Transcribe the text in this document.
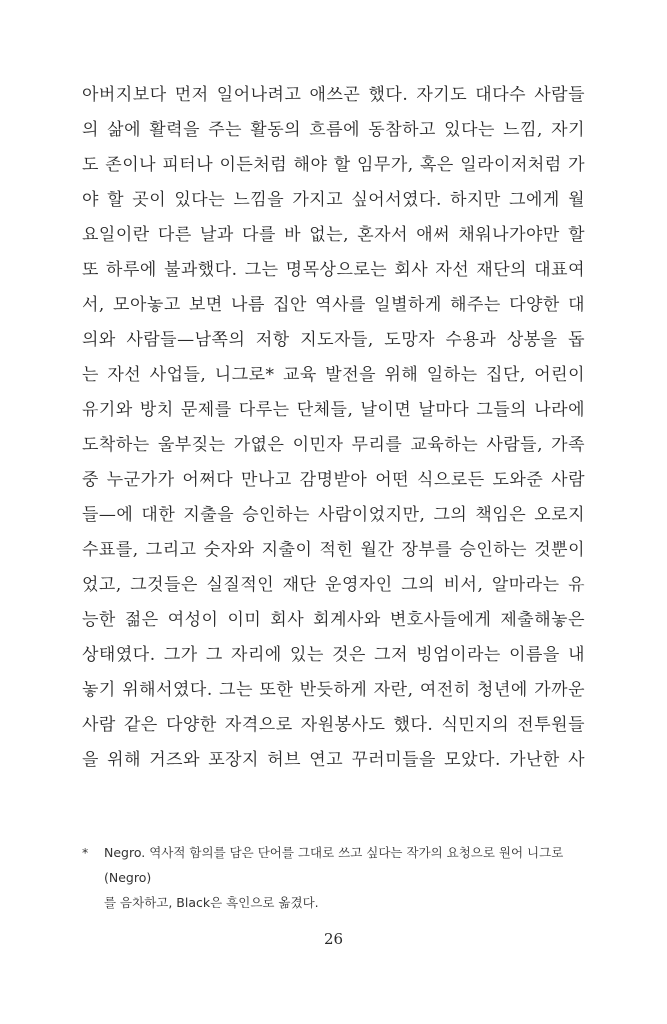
아버지보다 먼저 일어나려고 애쓰곤 했다. 자기도 대다수 사람들
의 삶에 활력을 주는 활동의 흐름에 동참하고 있다는 느낌, 자기
도 존이나 피터나 이든처럼 해야 할 임무가, 혹은 일라이저처럼 가
야 할 곳이 있다는 느낌을 가지고 싶어서였다. 하지만 그에게 월
요일이란 다른 날과 다를 바 없는, 혼자서 애써 채워나가야만 할
또 하루에 불과했다. 그는 명목상으로는 회사 자선 재단의 대표여
서, 모아놓고 보면 나름 집안 역사를 일별하게 해주는 다양한 대
의와 사람들—남쪽의 저항 지도자들, 도망자 수용과 상봉을 돕
는 자선 사업들, 니그로* 교육 발전을 위해 일하는 집단, 어린이
유기와 방치 문제를 다루는 단체들, 날이면 날마다 그들의 나라에
도착하는 울부짖는 가엾은 이민자 무리를 교육하는 사람들, 가족
중 누군가가 어쩌다 만나고 감명받아 어떤 식으로든 도와준 사람
들—에 대한 지출을 승인하는 사람이었지만, 그의 책임은 오로지
수표를, 그리고 숫자와 지출이 적힌 월간 장부를 승인하는 것뿐이
었고, 그것들은 실질적인 재단 운영자인 그의 비서, 알마라는 유
능한 젊은 여성이 이미 회사 회계사와 변호사들에게 제출해놓은
상태였다. 그가 그 자리에 있는 것은 그저 빙엄이라는 이름을 내
놓기 위해서였다. 그는 또한 반듯하게 자란, 여전히 청년에 가까운
사람 같은 다양한 자격으로 자원봉사도 했다. 식민지의 전투원들
을 위해 거즈와 포장지 허브 연고 꾸러미들을 모았다. 가난한 사
* Negro. 역사적 함의를 담은 단어를 그대로 쓰고 싶다는 작가의 요청으로 원어 니그로(Negro)
를 음차하고, Black은 흑인으로 옮겼다.
26
